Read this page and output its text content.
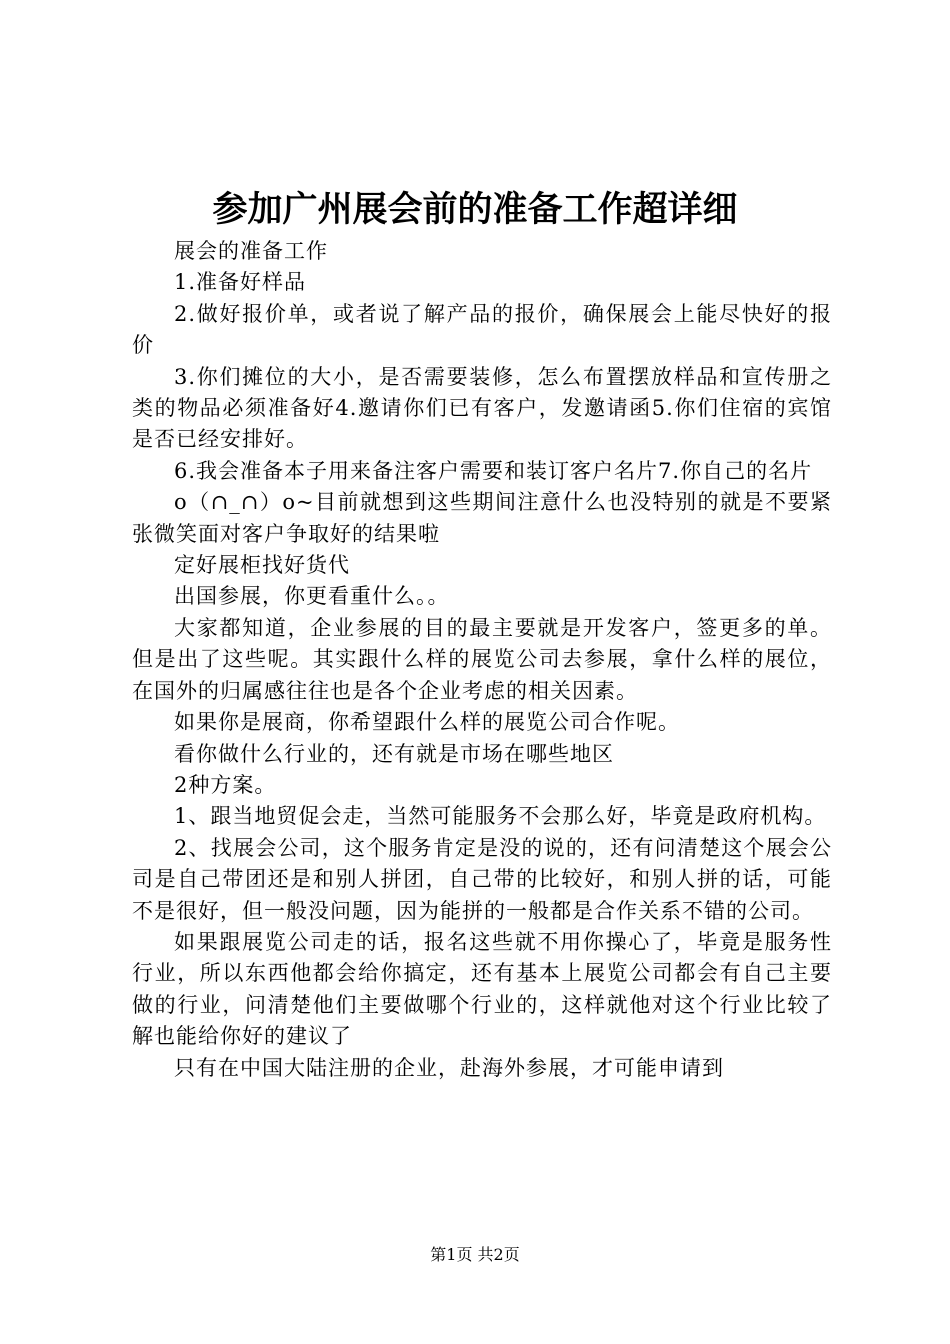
参加广州展会前的准备工作超详细

展会的准备工作

1.准备好样品

2.做好报价单，或者说了解产品的报价，确保展会上能尽快好的报价

3.你们摊位的大小，是否需要装修，怎么布置摆放样品和宣传册之类的物品必须准备好4.邀请你们已有客户，发邀请函5.你们住宿的宾馆是否已经安排好。

6.我会准备本子用来备注客户需要和装订客户名片7.你自己的名片

o（∩_∩）o~目前就想到这些期间注意什么也没特别的就是不要紧张微笑面对客户争取好的结果啦

定好展柜找好货代

出国参展，你更看重什么。。

大家都知道，企业参展的目的最主要就是开发客户，签更多的单。但是出了这些呢。其实跟什么样的展览公司去参展，拿什么样的展位，在国外的归属感往往也是各个企业考虑的相关因素。

如果你是展商，你希望跟什么样的展览公司合作呢。

看你做什么行业的，还有就是市场在哪些地区

2种方案。

1、跟当地贸促会走，当然可能服务不会那么好，毕竟是政府机构。

2、找展会公司，这个服务肯定是没的说的，还有问清楚这个展会公司是自己带团还是和别人拼团，自己带的比较好，和别人拼的话，可能不是很好，但一般没问题，因为能拼的一般都是合作关系不错的公司。

如果跟展览公司走的话，报名这些就不用你操心了，毕竟是服务性行业，所以东西他都会给你搞定，还有基本上展览公司都会有自己主要做的行业，问清楚他们主要做哪个行业的，这样就他对这个行业比较了解也能给你好的建议了

只有在中国大陆注册的企业，赴海外参展，才可能申请到

第1页 共2页
